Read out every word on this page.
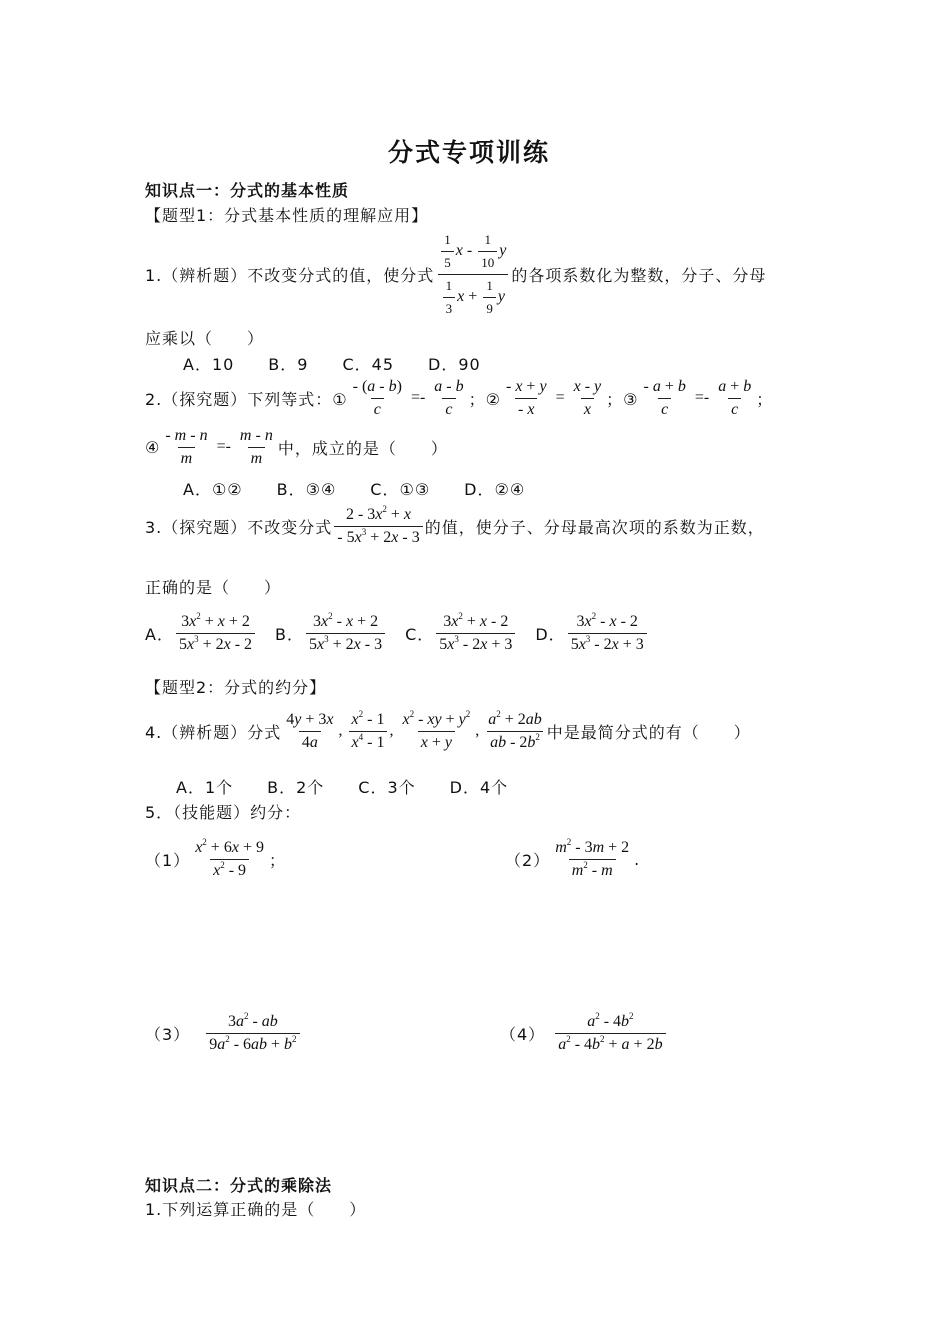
分式专项训练
知识点一：分式的基本性质
【题型1：分式基本性质的理解应用】
1.（辨析题）不改变分式的值，使分式 $\frac{\frac{1}{5} x - \frac{1}{10} y}{\frac{1}{3} x + \frac{1}{9} y}$ 的各项系数化为整数，分子、分母
应乘以（　　）
A．10　　B．9　　C．45　　D．90
2.（探究题）下列等式：① $\frac{- (a - b)}{c} =- \frac{a - b}{c}$ ；② $\frac{- x + y}{- x} = \frac{x - y}{x}$ ；③ $\frac{- a + b}{c} =- \frac{a + b}{c}$ ；
④ $\frac{- m - n}{m} =- \frac{m - n}{m}$ 中，成立的是（　　）
A．①②　　B．③④　　C．①③　　D．②④
3.（探究题）不改变分式 $\frac{2 - 3x^2 + x}{- 5x^3 + 2x - 3}$ 的值，使分子、分母最高次项的系数为正数，
正确的是（　　）
A． $\frac{3x^2 + x + 2}{5x^3 + 2x - 2}$ B． $\frac{3x^2 - x + 2}{5x^3 + 2x - 3}$ C． $\frac{3x^2 + x - 2}{5x^3 - 2x + 3}$ D． $\frac{3x^2 - x - 2}{5x^3 - 2x + 3}$
【题型2：分式的约分】
4.（辨析题）分式 $\frac{4y + 3x}{4a}$ , $\frac{x^2 - 1}{x^4 - 1}$ , $\frac{x^2 - xy + y^2}{x + y}$ , $\frac{a^2 + 2ab}{ab - 2b^2}$ 中是最简分式的有（　　）
A．1个　　B．2个　　C．3个　　D．4个
5．（技能题）约分：
$(1) \frac{x^2 + 6x + 9}{x^2 - 9}$ ；	$(2) \frac{m^2 - 3m + 2}{m^2 - m}$ .
$(3) \frac{3a^2 - ab}{9a^2 - 6ab + b^2}$	$(4) \frac{a^2 - 4b^2}{a^2 - 4b^2 + a + 2b}$
知识点二：分式的乘除法
1.下列运算正确的是（　　）
